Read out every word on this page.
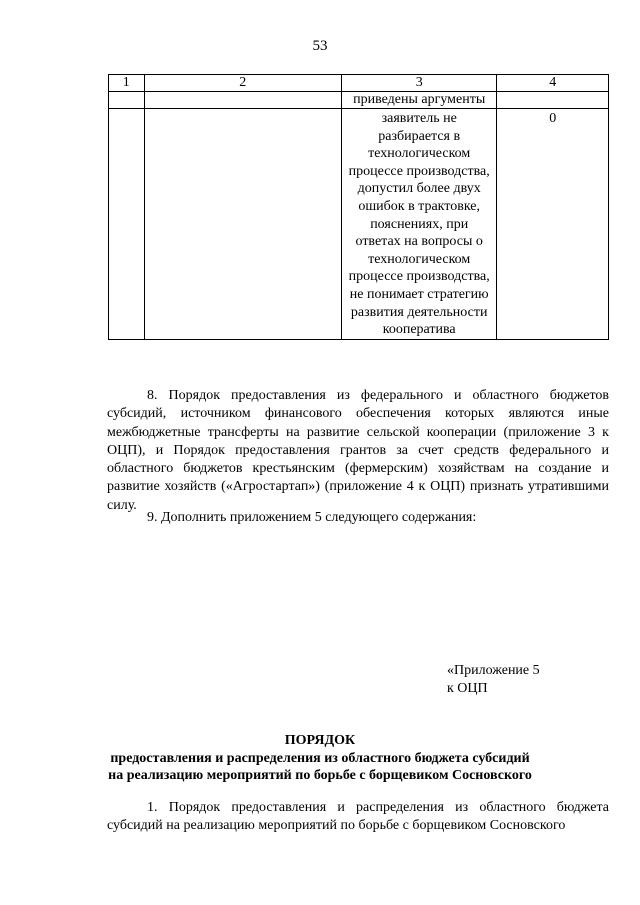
53
1	2	3	4

		приведены аргументы	

		заявитель не разбирается в технологическом процессе производства, допустил более двух ошибок в трактовке, пояснениях, при ответах на вопросы о технологическом процессе производства, не понимает стратегию развития деятельности кооператива	0
8. Порядок предоставления из федерального и областного бюджетов субсидий, источником финансового обеспечения которых являются иные межбюджетные трансферты на развитие сельской кооперации (приложение 3 к ОЦП), и Порядок предоставления грантов за счет средств федерального и областного бюджетов крестьянским (фермерским) хозяйствам на создание и развитие хозяйств («Агростартап») (приложение 4 к ОЦП) признать утратившими силу.
9. Дополнить приложением 5 следующего содержания:
«Приложение 5
к ОЦП
ПОРЯДОК
предоставления и распределения из областного бюджета субсидий
на реализацию мероприятий по борьбе с борщевиком Сосновского
1. Порядок предоставления и распределения из областного бюджета субсидий на реализацию мероприятий по борьбе с борщевиком Сосновского
